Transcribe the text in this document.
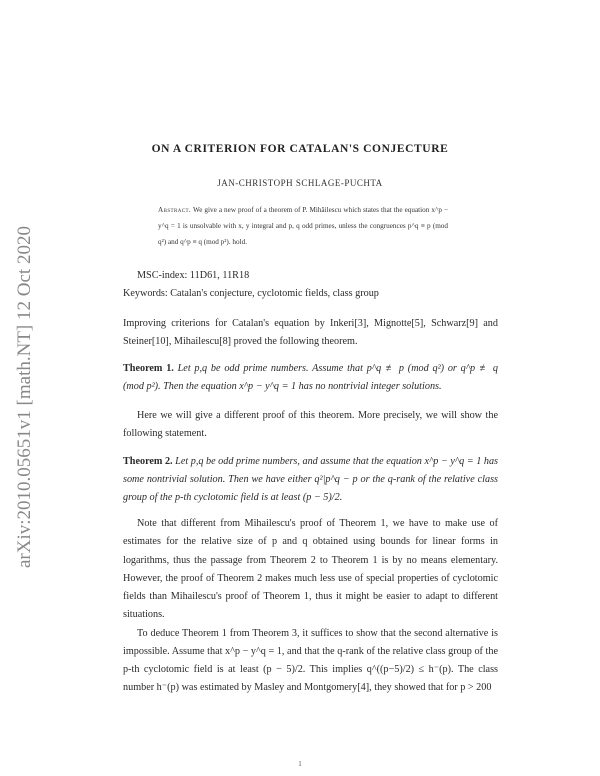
arXiv:2010.05651v1 [math.NT] 12 Oct 2020
ON A CRITERION FOR CATALAN'S CONJECTURE
JAN-CHRISTOPH SCHLAGE-PUCHTA
Abstract. We give a new proof of a theorem of P. Mihăilescu which states that the equation x^p − y^q = 1 is unsolvable with x, y integral and p, q odd primes, unless the congruences p^q ≡ p (mod q²) and q^p ≡ q (mod p²). hold.
MSC-index: 11D61, 11R18
Keywords: Catalan's conjecture, cyclotomic fields, class group
Improving criterions for Catalan's equation by Inkeri[3], Mignotte[5], Schwarz[9] and Steiner[10], Mihailescu[8] proved the following theorem.
Theorem 1. Let p,q be odd prime numbers. Assume that p^q ≢ p (mod q²) or q^p ≢ q (mod p²). Then the equation x^p − y^q = 1 has no nontrivial integer solutions.
Here we will give a different proof of this theorem. More precisely, we will show the following statement.
Theorem 2. Let p,q be odd prime numbers, and assume that the equation x^p − y^q = 1 has some nontrivial solution. Then we have either q²|p^q − p or the q-rank of the relative class group of the p-th cyclotomic field is at least (p − 5)/2.
Note that different from Mihailescu's proof of Theorem 1, we have to make use of estimates for the relative size of p and q obtained using bounds for linear forms in logarithms, thus the passage from Theorem 2 to Theorem 1 is by no means elementary. However, the proof of Theorem 2 makes much less use of special properties of cyclotomic fields than Mihailescu's proof of Theorem 1, thus it might be easier to adapt to different situations.
To deduce Theorem 1 from Theorem 3, it suffices to show that the second alternative is impossible. Assume that x^p − y^q = 1, and that the q-rank of the relative class group of the p-th cyclotomic field is at least (p − 5)/2. This implies q^((p−5)/2) ≤ h⁻(p). The class number h⁻(p) was estimated by Masley and Montgomery[4], they showed that for p > 200
1
